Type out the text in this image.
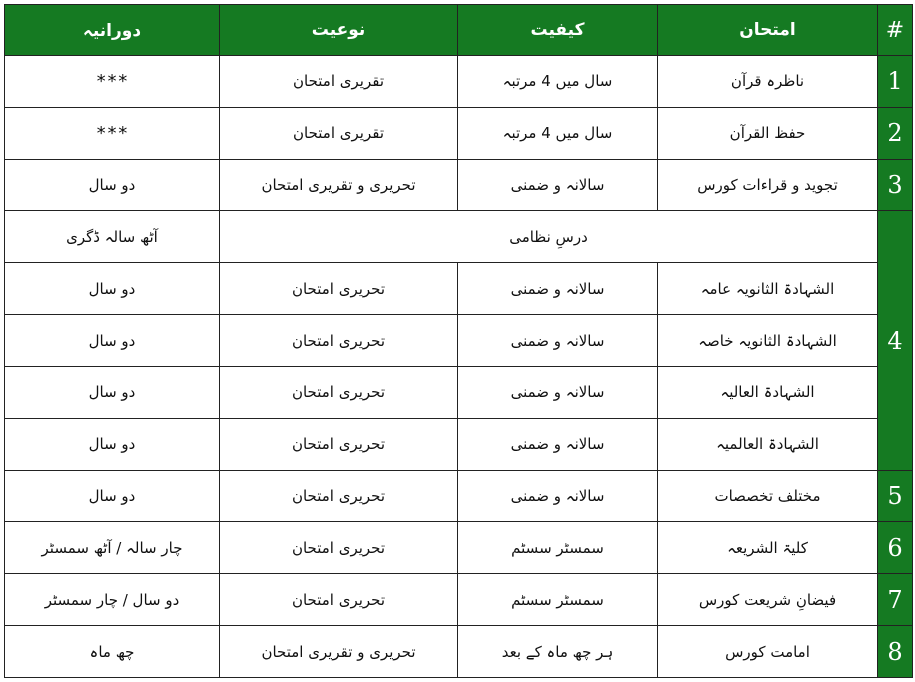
دورانیہ	نوعیت	کیفیت	امتحان	#
***	تقریری امتحان	سال میں 4 مرتبہ	ناظرہ قرآن	1
***	تقریری امتحان	سال میں 4 مرتبہ	حفظ القرآن	2
دو سال	تحریری و تقریری امتحان	سالانہ و ضمنی	تجوید و قراءات کورس	3
آٹھ سالہ ڈگری	درسِ نظامی			4
دو سال	تحریری امتحان	سالانہ و ضمنی	الشہادۃ الثانویہ عامہ	
دو سال	تحریری امتحان	سالانہ و ضمنی	الشہادۃ الثانویہ خاصہ	
دو سال	تحریری امتحان	سالانہ و ضمنی	الشہادۃ العالیہ	
دو سال	تحریری امتحان	سالانہ و ضمنی	الشہادۃ العالمیہ	
دو سال	تحریری امتحان	سالانہ و ضمنی	مختلف تخصصات	5
چار سالہ / آٹھ سمسٹر	تحریری امتحان	سمسٹر سسٹم	کلیۃ الشریعہ	6
دو سال / چار سمسٹر	تحریری امتحان	سمسٹر سسٹم	فیضانِ شریعت کورس	7
چھ ماہ	تحریری و تقریری امتحان	ہر چھ ماہ کے بعد	امامت کورس	8
